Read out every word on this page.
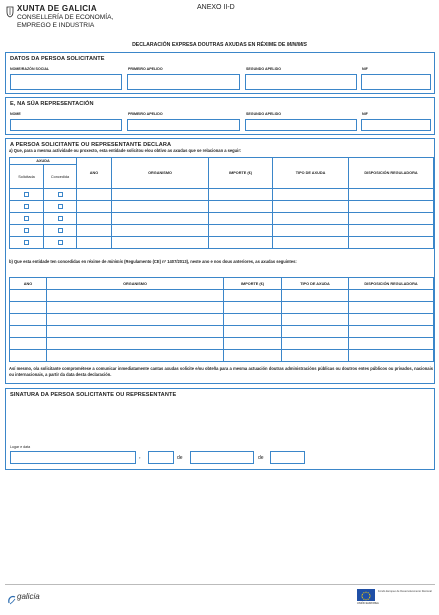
XUNTA DE GALICIA
CONSELLERÍA DE ECONOMÍA,
EMPREGO E INDUSTRIA
ANEXO II-D
DECLARACIÓN EXPRESA DOUTRAS AXUDAS EN RÉXIME DE MINIMIS
DATOS DA PERSOA SOLICITANTE
NOME/RAZÓN SOCIAL	PRIMEIRO APELIDO	SEGUNDO APELIDO	NIF
E, NA SÚA REPRESENTACIÓN
NOME	PRIMEIRO APELIDO	SEGUNDO APELIDO	NIF
A PERSOA SOLICITANTE OU REPRESENTANTE DECLARA
a) Que, para a mesma actividade ou proxecto, esta entidade solicitou e/ou obtivo as axudas que se relacionan a seguir:
AXUDA		ANO	ORGANISMO	IMPORTE (€)	TIPO DE AXUDA	DISPOSICIÓN REGULADORA
Solicitada	Concedida					

b) Que esta entidade ten concedidas en réxime de minimis (Regulamento (CE) nº 1407/2013), neste ano e nos dous anteriores, as axudas seguintes:
ANO	ORGANISMO	IMPORTE (€)	TIPO DE AXUDA	DISPOSICIÓN REGULADORA

Así mesmo, o/a solicitante comprométese a comunicar inmediatamente cantas axudas solicite e/ou obteña para a mesma actuación doutras administracións públicas ou doutros entes públicos ou privados, nacionais ou internacionais, a partir da data desta declaración.
SINATURA DA PERSOA SOLICITANTE OU REPRESENTANTE
Lugar e data
,	de	de
galicia
UNIÓN EUROPEA
Fondo Europeo de Desenvolvemento Rexional
